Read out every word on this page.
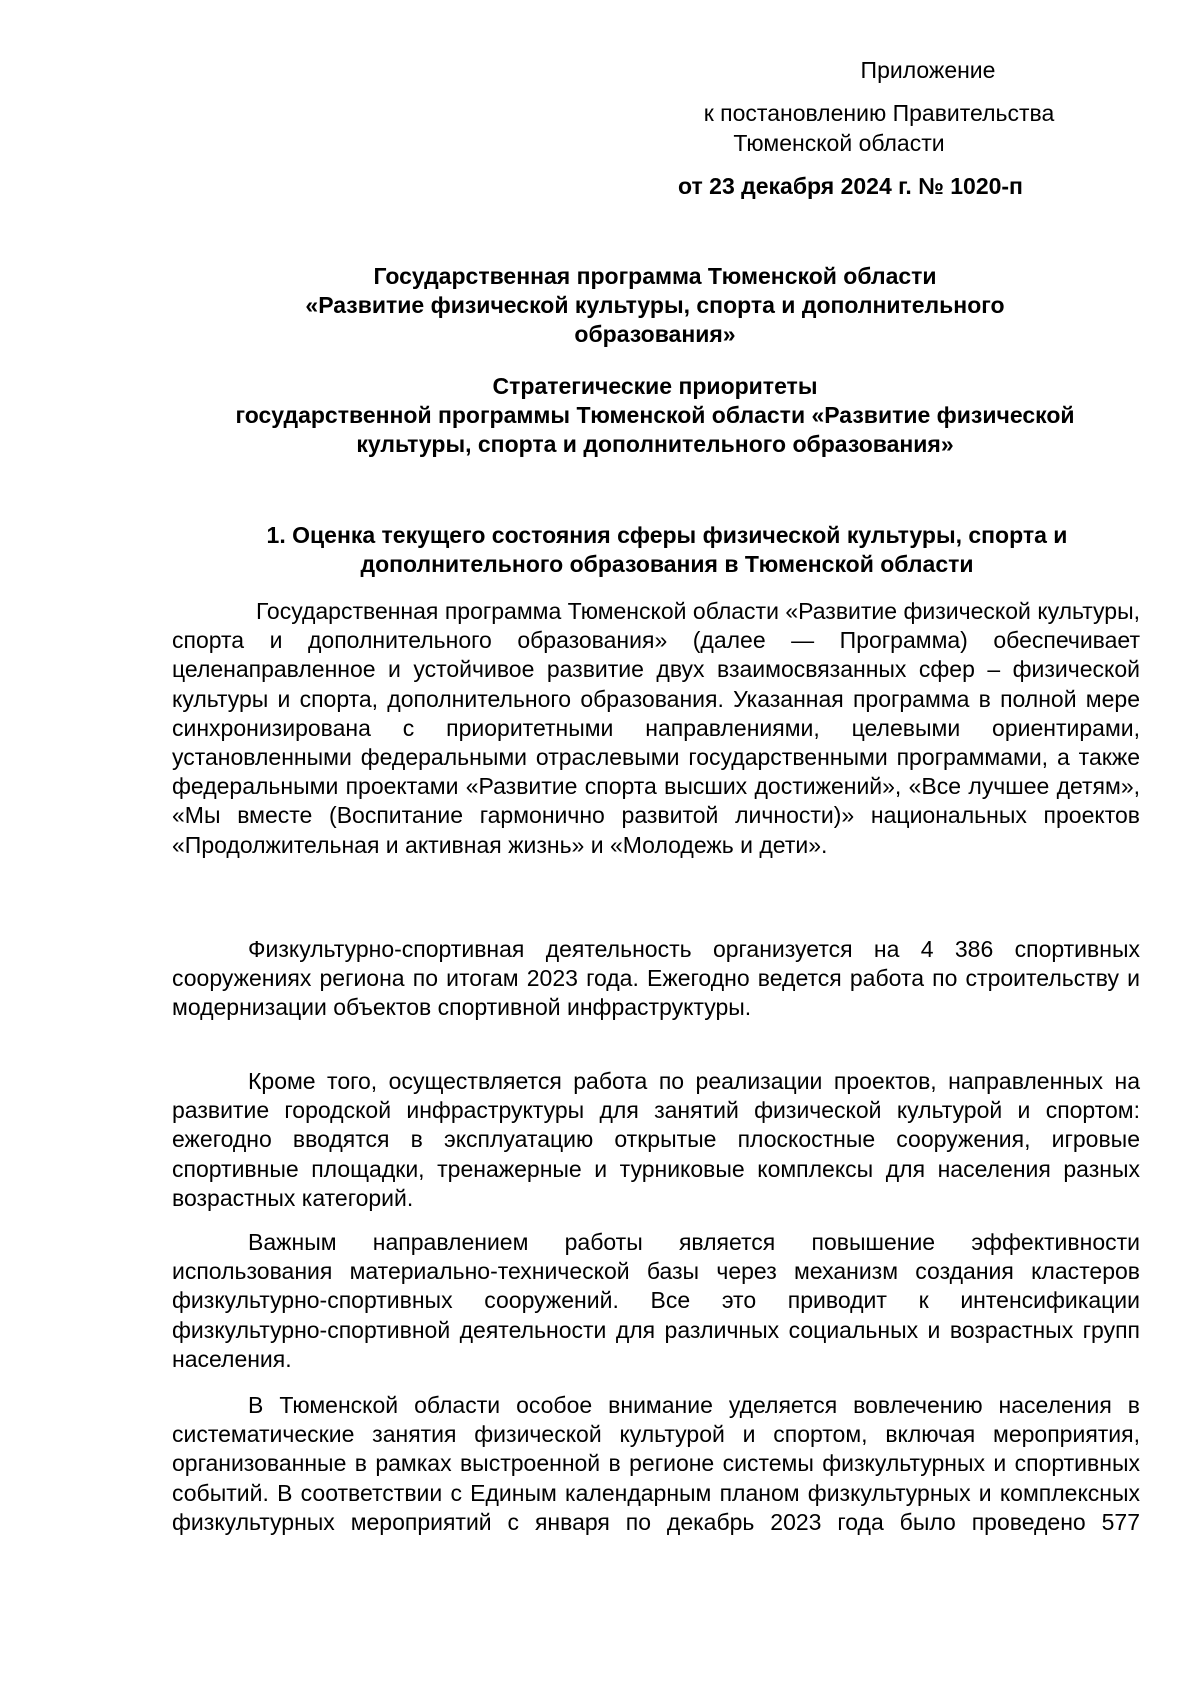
Приложение
к постановлению Правительства
Тюменской области
от 23 декабря 2024 г. № 1020-п
Государственная программа Тюменской области
«Развитие физической культуры, спорта и дополнительного
образования»
Стратегические приоритеты
государственной программы Тюменской области «Развитие физической
культуры, спорта и дополнительного образования»
1. Оценка текущего состояния сферы физической культуры, спорта и
дополнительного образования в Тюменской области

Государственная программа Тюменской области «Развитие физической культуры, спорта и дополнительного образования» (далее — Программа) обеспечивает целенаправленное и устойчивое развитие двух взаимосвязанных сфер – физической культуры и спорта, дополнительного образования. Указанная программа в полной мере синхронизирована с приоритетными направлениями, целевыми ориентирами, установленными федеральными отраслевыми государственными программами, а также федеральными проектами «Развитие спорта высших достижений», «Все лучшее детям», «Мы вместе (Воспитание гармонично развитой личности)» национальных проектов «Продолжительная и активная жизнь» и «Молодежь и дети».

Физкультурно-спортивная деятельность организуется на 4 386 спортивных сооружениях региона по итогам 2023 года. Ежегодно ведется работа по строительству и модернизации объектов спортивной инфраструктуры.

Кроме того, осуществляется работа по реализации проектов, направленных на развитие городской инфраструктуры для занятий физической культурой и спортом: ежегодно вводятся в эксплуатацию открытые плоскостные сооружения, игровые спортивные площадки, тренажерные и турниковые комплексы для населения разных возрастных категорий.

Важным направлением работы является повышение эффективности использования материально-технической базы через механизм создания кластеров физкультурно-спортивных сооружений. Все это приводит к интенсификации физкультурно-спортивной деятельности для различных социальных и возрастных групп населения.

В Тюменской области особое внимание уделяется вовлечению населения в систематические занятия физической культурой и спортом, включая мероприятия, организованные в рамках выстроенной в регионе системы физкультурных и спортивных событий. В соответствии с Единым календарным планом физкультурных и комплексных физкультурных мероприятий с января по декабрь 2023 года было проведено 577
